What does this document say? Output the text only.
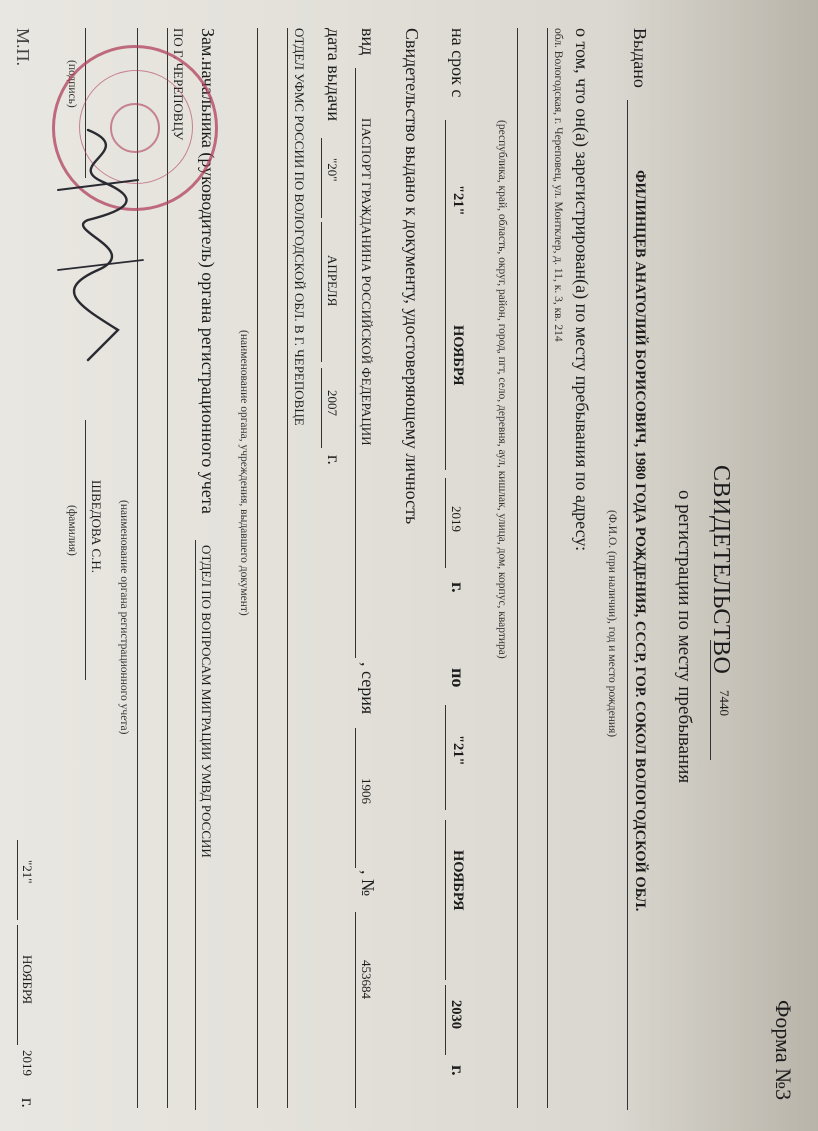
Форма №3
СВИДЕТЕЛЬСТВО
7440
о регистрации по месту пребывания
Выдано
ФИЛИНЦЕВ АНАТОЛИЙ БОРИСОВИЧ, 1980 ГОДА РОЖДЕНИЯ, СССР, ГОР. СОКОЛ ВОЛОГОДСКОЙ ОБЛ.
(Ф.И.О. (при наличии), год и место рождения)
о том, что он(а) зарегистрирован(а) по месту пребывания по адресу:
обл. Вологодская, г. Череповец, ул. Монтклер, д. 11, к. 3, кв. 214
(республика, край, область, округ, район, город, пгт, село, деревня, аул, кишлак, улица, дом, корпус, квартира)
на срок с
"21"
НОЯБРЯ
2019
г.
по
"21"
НОЯБРЯ
2030
г.
Свидетельство выдано к документу, удостоверяющему личность
вид
ПАСПОРТ ГРАЖДАНИНА РОССИЙСКОЙ ФЕДЕРАЦИИ
, серия
1906
, №
453684
дата выдачи
"20"
АПРЕЛЯ
2007
г.
ОТДЕЛ УФМС РОССИИ ПО ВОЛОГОДСКОЙ ОБЛ. В Г. ЧЕРЕПОВЦЕ
(наименование органа, учреждения, выдавшего документ)
Зам.начальника (руководитель) органа регистрационного учета
ОТДЕЛ ПО ВОПРОСАМ МИГРАЦИИ УМВД РОССИИ
ПО Г. ЧЕРЕПОВЦУ
(наименование органа регистрационного учета)
(подпись)
ШВЕДОВА С.Н.
(фамилия)
М.П.
"21"
НОЯБРЯ
2019
г.
